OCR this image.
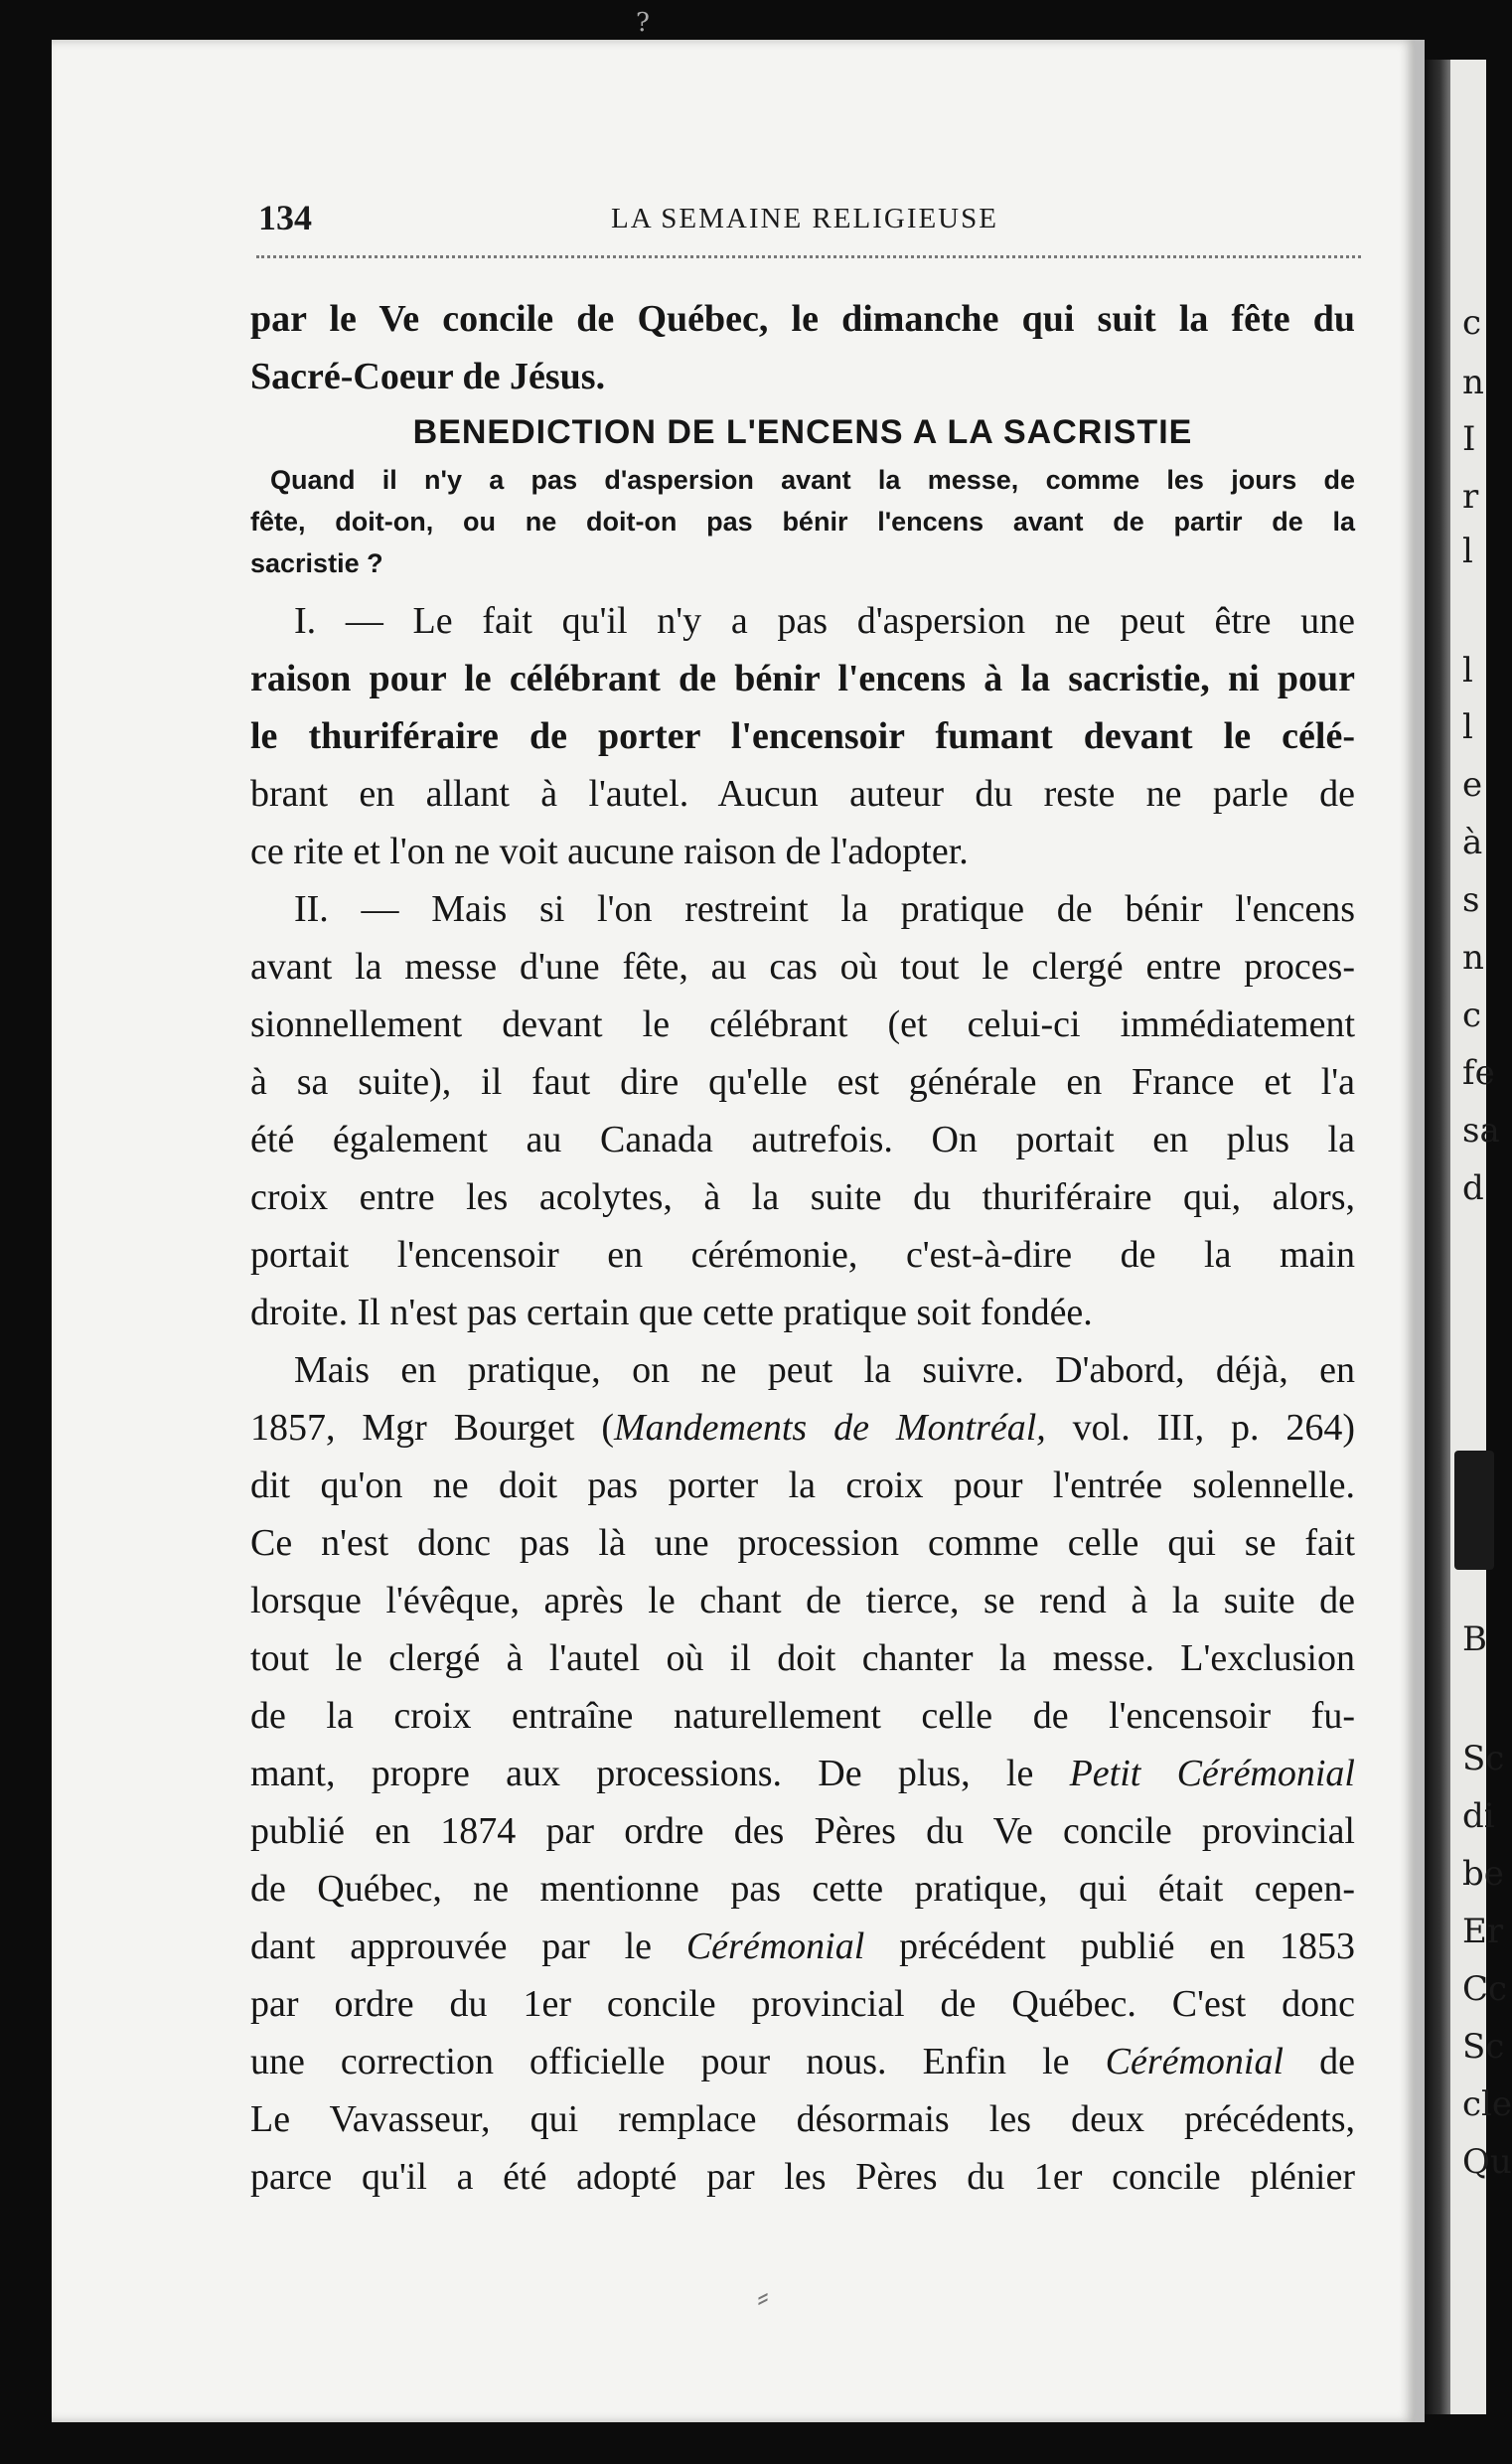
?
c
n
I
r
l
l
l
e
à
s
n
c
fe
sa
d
B
Sc
di
be
Er
Cc
Sc
cle
Qu
134	LA SEMAINE RELIGIEUSE
par le Ve concile de Québec, le dimanche qui suit la fête du
Sacré-Coeur de Jésus.
BENEDICTION DE L'ENCENS A LA SACRISTIE
Quand il n'y a pas d'aspersion avant la messe, comme les jours de
fête, doit-on, ou ne doit-on pas bénir l'encens avant de partir de la
sacristie ?
I. — Le fait qu'il n'y a pas d'aspersion ne peut être une
raison pour le célébrant de bénir l'encens à la sacristie, ni pour
le thuriféraire de porter l'encensoir fumant devant le célé-
brant en allant à l'autel. Aucun auteur du reste ne parle de
ce rite et l'on ne voit aucune raison de l'adopter.
II. — Mais si l'on restreint la pratique de bénir l'encens
avant la messe d'une fête, au cas où tout le clergé entre proces-
sionnellement devant le célébrant (et celui-ci immédiatement
à sa suite), il faut dire qu'elle est générale en France et l'a
été également au Canada autrefois. On portait en plus la
croix entre les acolytes, à la suite du thuriféraire qui, alors,
portait l'encensoir en cérémonie, c'est-à-dire de la main
droite. Il n'est pas certain que cette pratique soit fondée.
Mais en pratique, on ne peut la suivre. D'abord, déjà, en
1857, Mgr Bourget (Mandements de Montréal, vol. III, p. 264)
dit qu'on ne doit pas porter la croix pour l'entrée solennelle.
Ce n'est donc pas là une procession comme celle qui se fait
lorsque l'évêque, après le chant de tierce, se rend à la suite de
tout le clergé à l'autel où il doit chanter la messe. L'exclusion
de la croix entraîne naturellement celle de l'encensoir fu-
mant, propre aux processions. De plus, le Petit Cérémonial
publié en 1874 par ordre des Pères du Ve concile provincial
de Québec, ne mentionne pas cette pratique, qui était cepen-
dant approuvée par le Cérémonial précédent publié en 1853
par ordre du 1er concile provincial de Québec. C'est donc
une correction officielle pour nous. Enfin le Cérémonial de
Le Vavasseur, qui remplace désormais les deux précédents,
parce qu'il a été adopté par les Pères du 1er concile plénier
⸗
